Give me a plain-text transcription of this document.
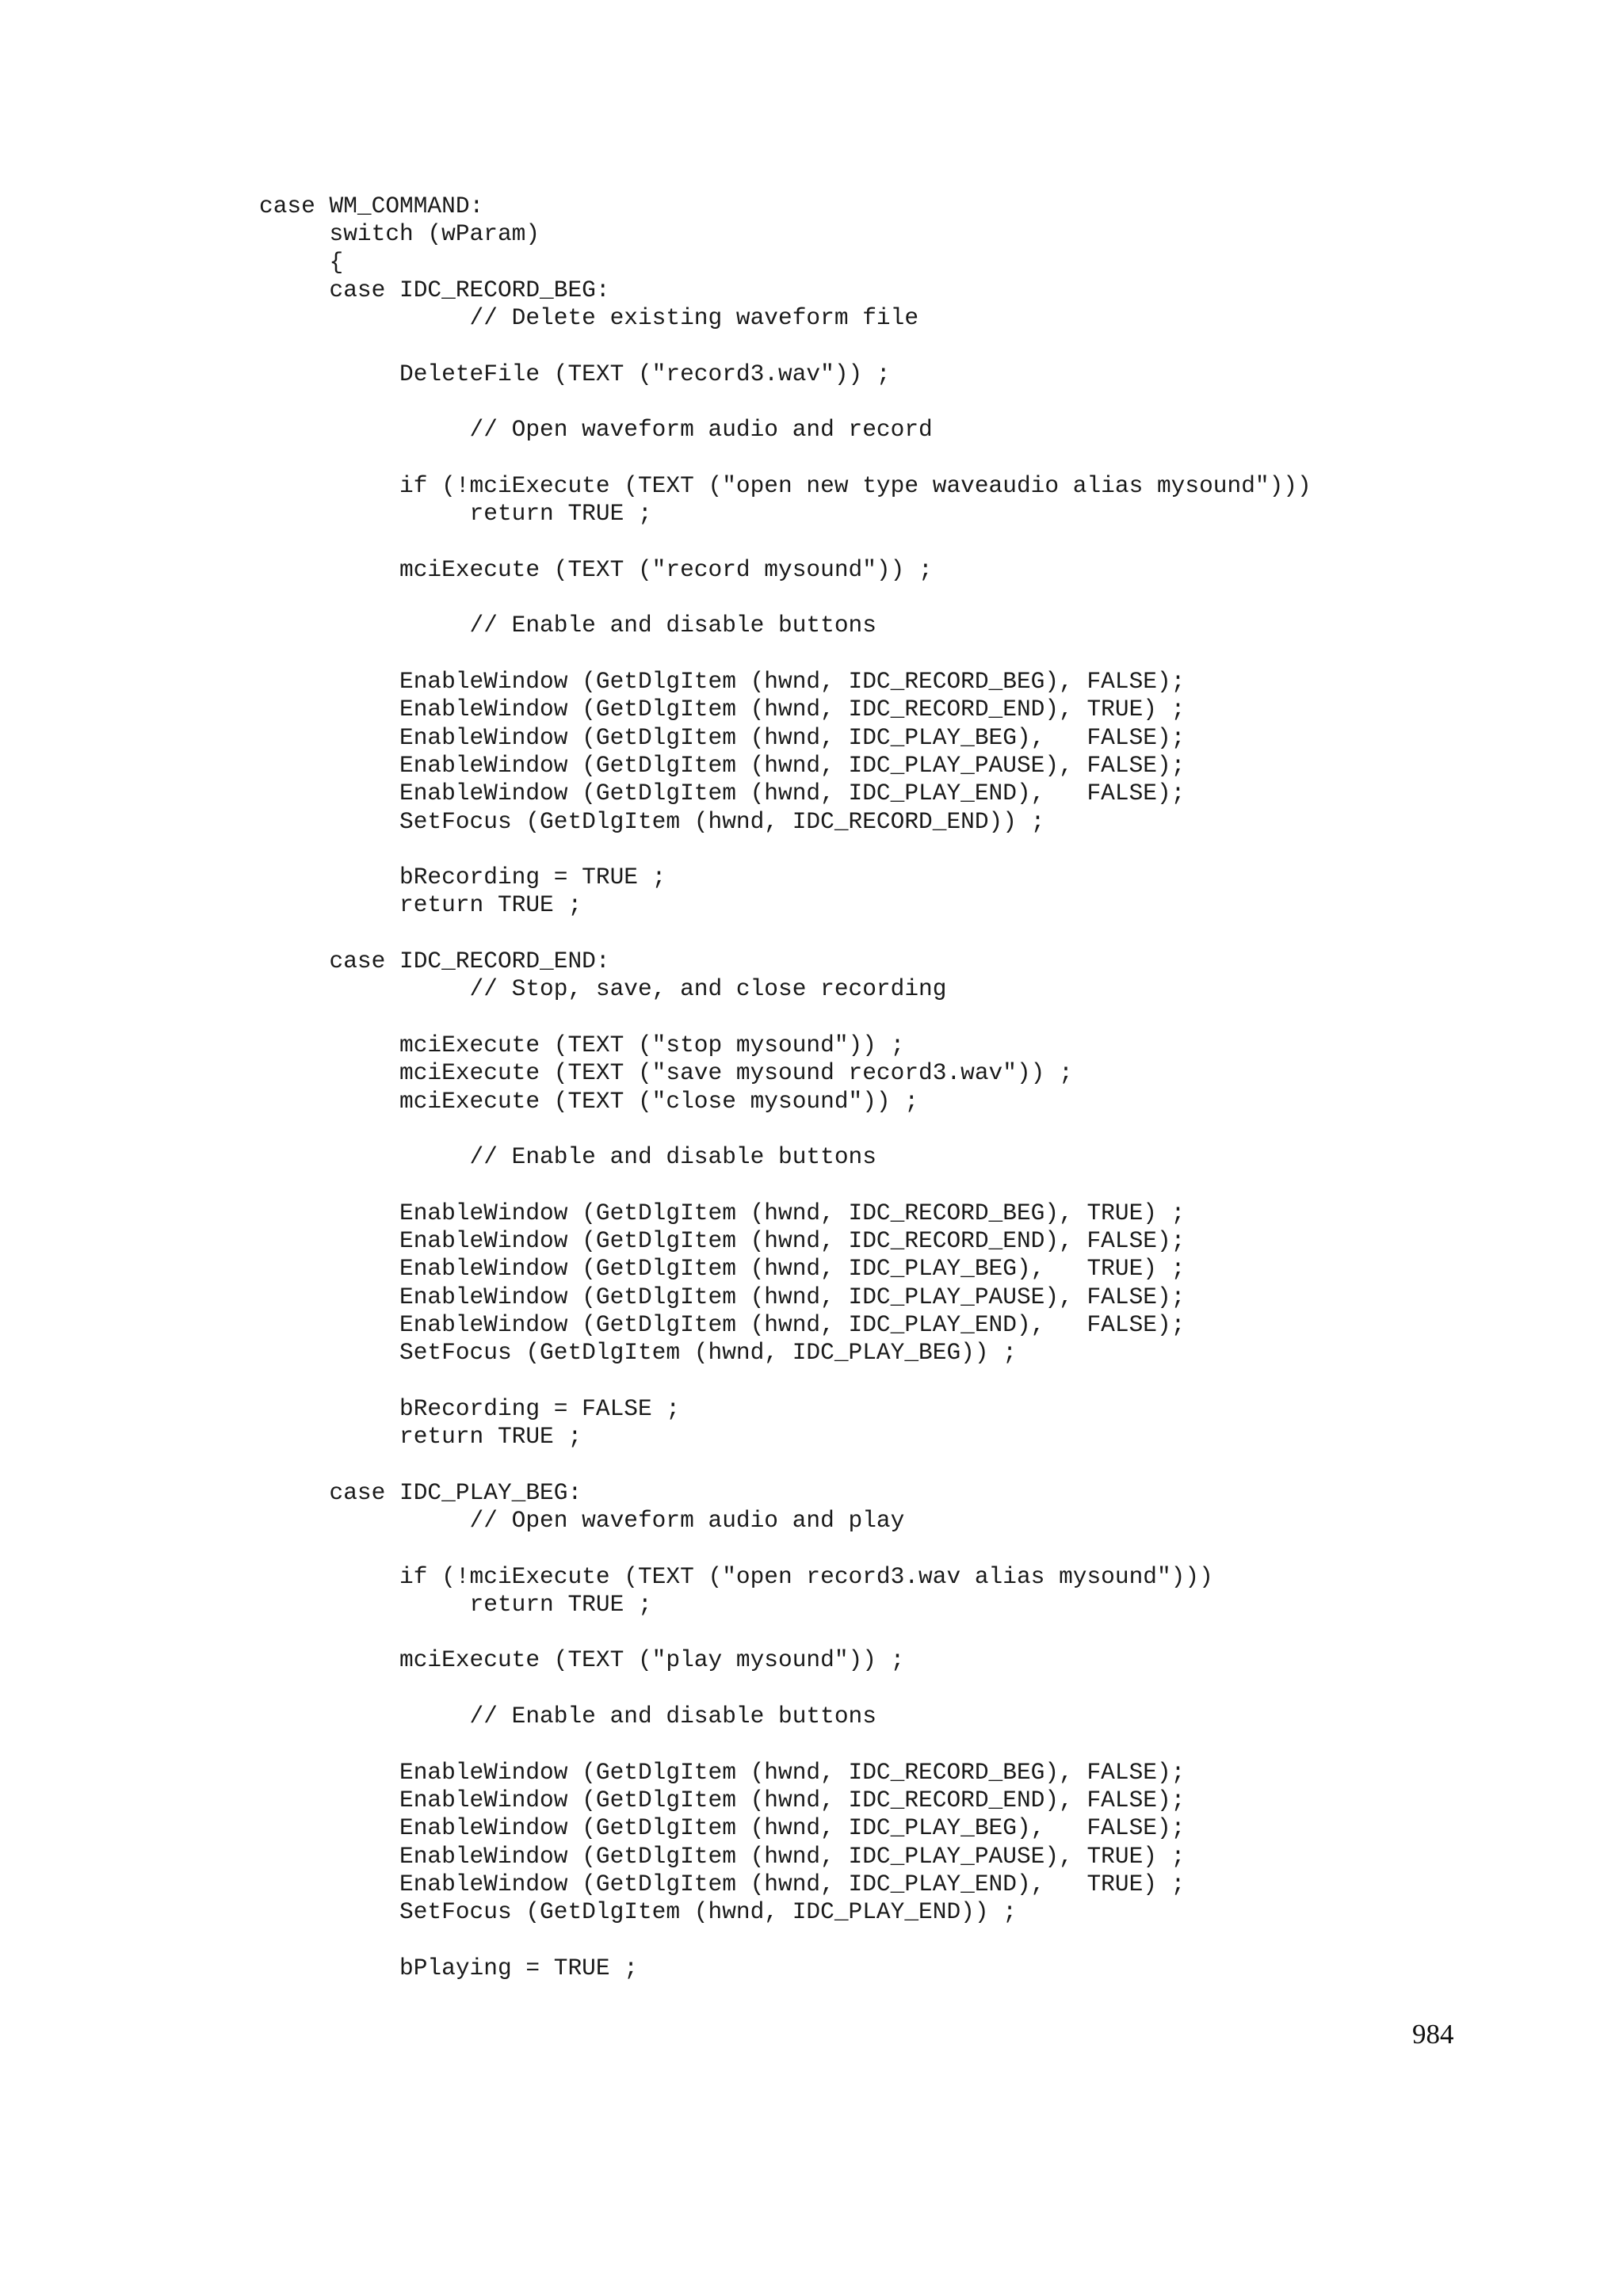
case WM_COMMAND:
switch (wParam)
{
case IDC_RECORD_BEG:
// Delete existing waveform file
DeleteFile (TEXT ("record3.wav")) ;
// Open waveform audio and record
if (!mciExecute (TEXT ("open new type waveaudio alias mysound")))
return TRUE ;
mciExecute (TEXT ("record mysound")) ;
// Enable and disable buttons
EnableWindow (GetDlgItem (hwnd, IDC_RECORD_BEG), FALSE);
EnableWindow (GetDlgItem (hwnd, IDC_RECORD_END), TRUE) ;
EnableWindow (GetDlgItem (hwnd, IDC_PLAY_BEG),   FALSE);
EnableWindow (GetDlgItem (hwnd, IDC_PLAY_PAUSE), FALSE);
EnableWindow (GetDlgItem (hwnd, IDC_PLAY_END),   FALSE);
SetFocus (GetDlgItem (hwnd, IDC_RECORD_END)) ;
bRecording = TRUE ;
return TRUE ;
case IDC_RECORD_END:
// Stop, save, and close recording
mciExecute (TEXT ("stop mysound")) ;
mciExecute (TEXT ("save mysound record3.wav")) ;
mciExecute (TEXT ("close mysound")) ;
// Enable and disable buttons
EnableWindow (GetDlgItem (hwnd, IDC_RECORD_BEG), TRUE) ;
EnableWindow (GetDlgItem (hwnd, IDC_RECORD_END), FALSE);
EnableWindow (GetDlgItem (hwnd, IDC_PLAY_BEG),   TRUE) ;
EnableWindow (GetDlgItem (hwnd, IDC_PLAY_PAUSE), FALSE);
EnableWindow (GetDlgItem (hwnd, IDC_PLAY_END),   FALSE);
SetFocus (GetDlgItem (hwnd, IDC_PLAY_BEG)) ;
bRecording = FALSE ;
return TRUE ;
case IDC_PLAY_BEG:
// Open waveform audio and play
if (!mciExecute (TEXT ("open record3.wav alias mysound")))
return TRUE ;
mciExecute (TEXT ("play mysound")) ;
// Enable and disable buttons
EnableWindow (GetDlgItem (hwnd, IDC_RECORD_BEG), FALSE);
EnableWindow (GetDlgItem (hwnd, IDC_RECORD_END), FALSE);
EnableWindow (GetDlgItem (hwnd, IDC_PLAY_BEG),   FALSE);
EnableWindow (GetDlgItem (hwnd, IDC_PLAY_PAUSE), TRUE) ;
EnableWindow (GetDlgItem (hwnd, IDC_PLAY_END),   TRUE) ;
SetFocus (GetDlgItem (hwnd, IDC_PLAY_END)) ;
bPlaying = TRUE ;
984
